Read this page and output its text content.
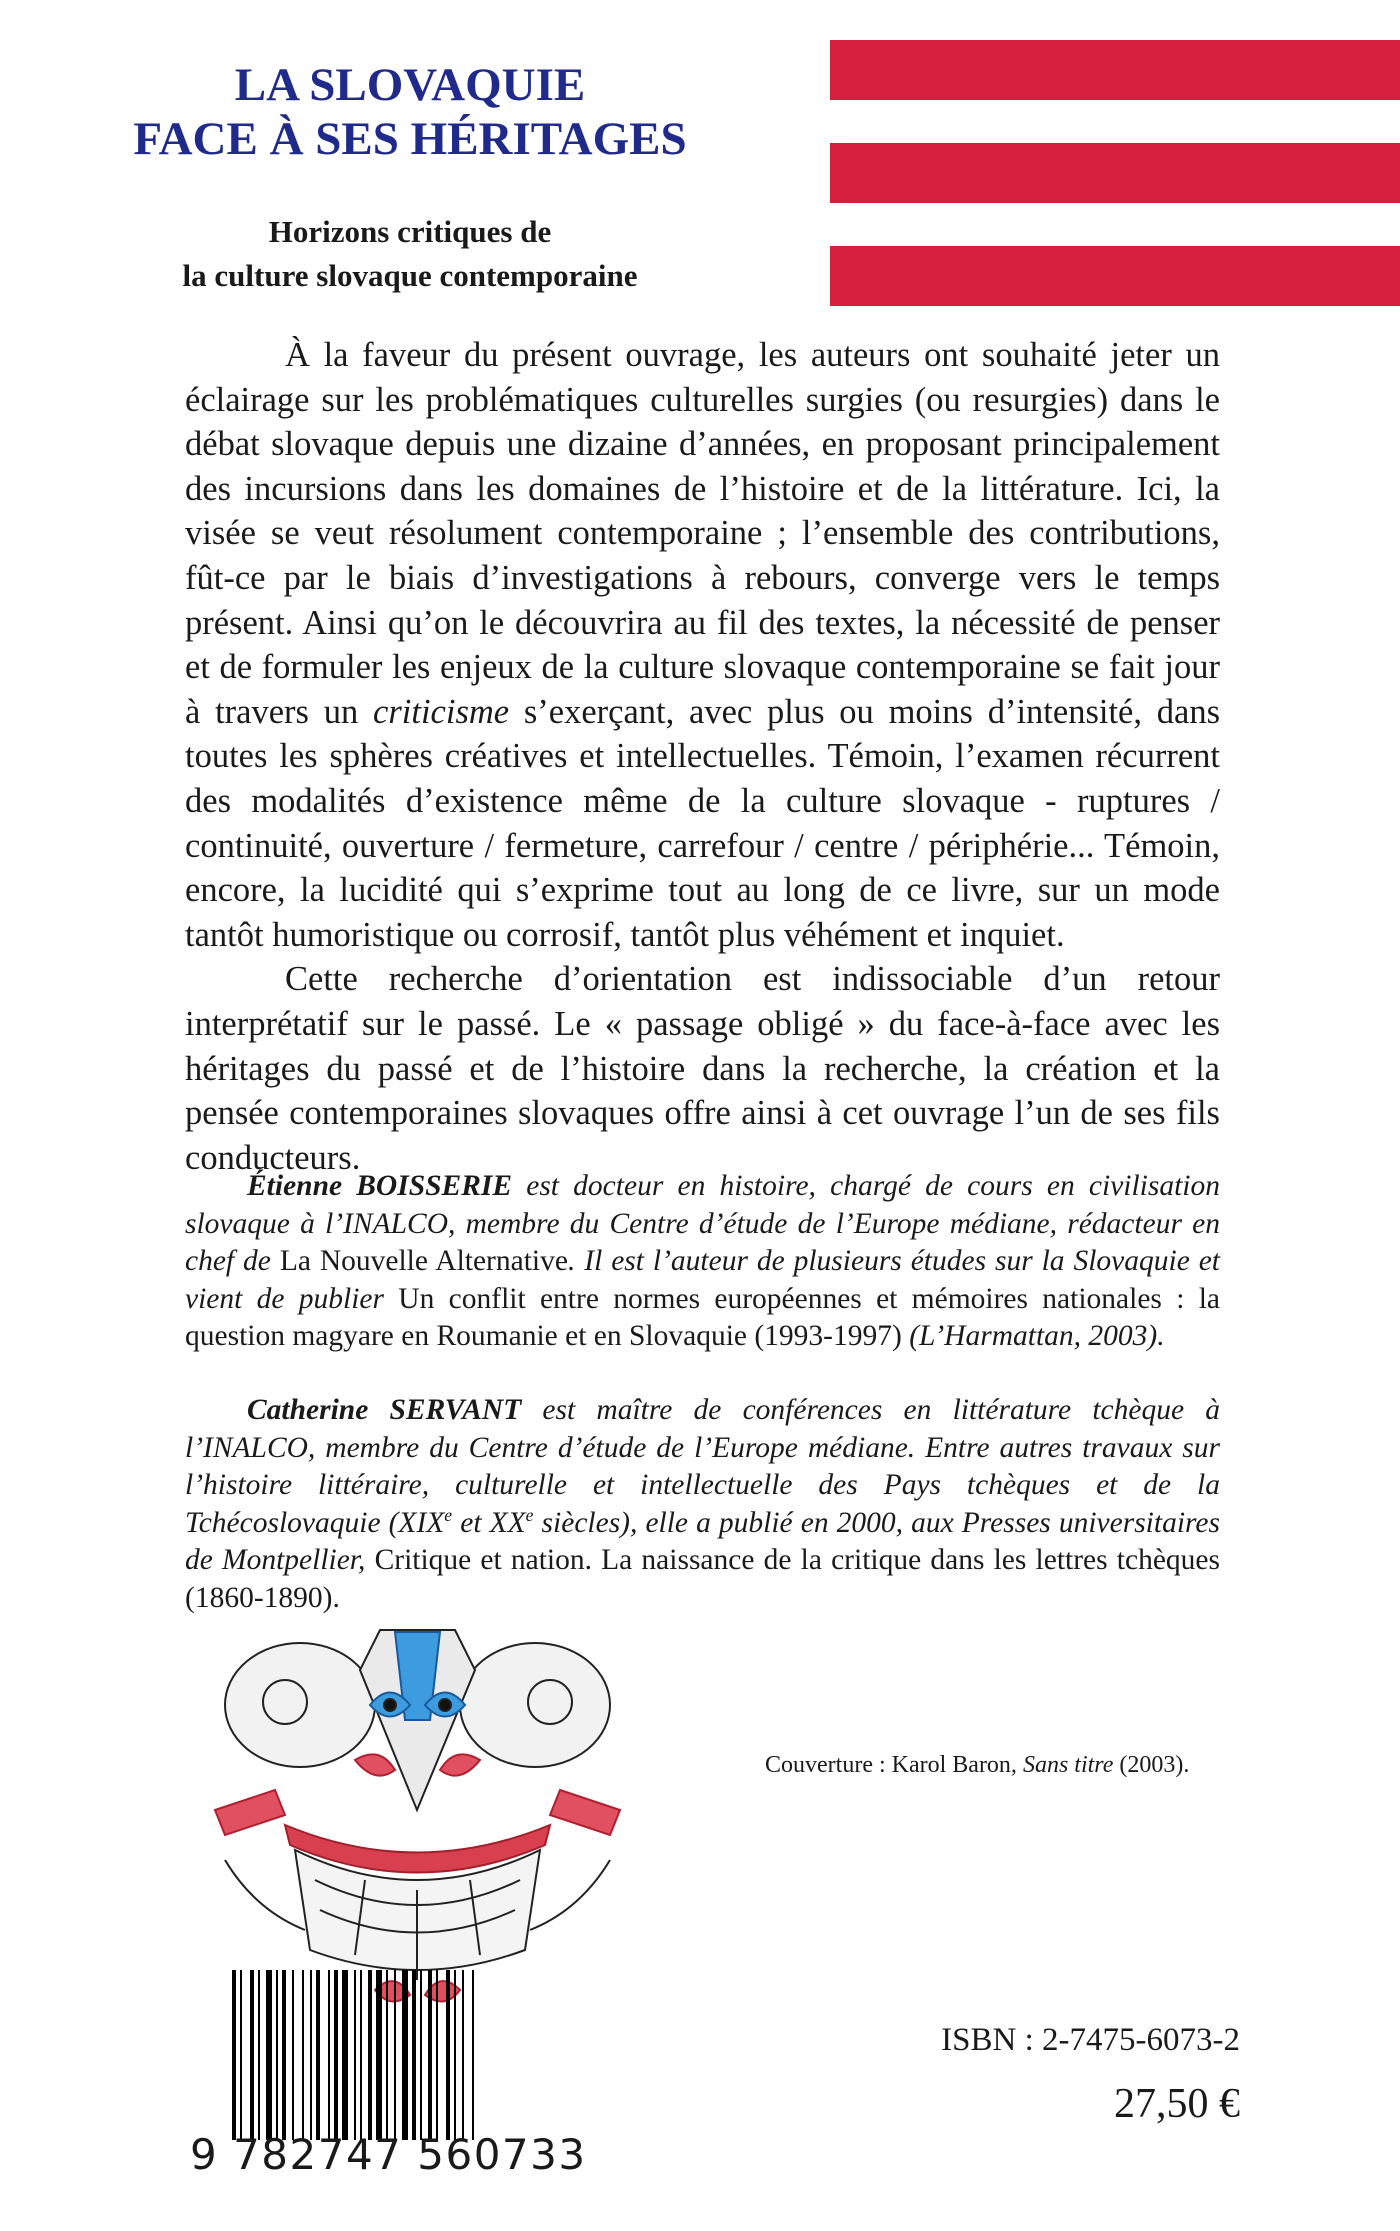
LA SLOVAQUIE
FACE À SES HÉRITAGES
Horizons critiques de
la culture slovaque contemporaine

À la faveur du présent ouvrage, les auteurs ont souhaité jeter un éclairage sur les problématiques culturelles surgies (ou resurgies) dans le débat slovaque depuis une dizaine d’années, en proposant principalement des incursions dans les domaines de l’histoire et de la littérature. Ici, la visée se veut résolument contemporaine ; l’ensemble des contributions, fût-ce par le biais d’investigations à rebours, converge vers le temps présent. Ainsi qu’on le découvrira au fil des textes, la nécessité de penser et de formuler les enjeux de la culture slovaque contemporaine se fait jour à travers un criticisme s’exerçant, avec plus ou moins d’intensité, dans toutes les sphères créatives et intellectuelles. Témoin, l’examen récurrent des modalités d’existence même de la culture slovaque - ruptures / continuité, ouverture / fermeture, carrefour / centre / périphérie... Témoin, encore, la lucidité qui s’exprime tout au long de ce livre, sur un mode tantôt humoristique ou corrosif, tantôt plus véhément et inquiet.

Cette recherche d’orientation est indissociable d’un retour interprétatif sur le passé. Le « passage obligé » du face-à-face avec les héritages du passé et de l’histoire dans la recherche, la création et la pensée contemporaines slovaques offre ainsi à cet ouvrage l’un de ses fils conducteurs.

Étienne BOISSERIE est docteur en histoire, chargé de cours en civilisation slovaque à l’INALCO, membre du Centre d’étude de l’Europe médiane, rédacteur en chef de La Nouvelle Alternative. Il est l’auteur de plusieurs études sur la Slovaquie et vient de publier Un conflit entre normes européennes et mémoires nationales : la question magyare en Roumanie et en Slovaquie (1993-1997) (L’Harmattan, 2003).

Catherine SERVANT est maître de conférences en littérature tchèque à l’INALCO, membre du Centre d’étude de l’Europe médiane. Entre autres travaux sur l’histoire littéraire, culturelle et intellectuelle des Pays tchèques et de la Tchécoslovaquie (XIXe et XXe siècles), elle a publié en 2000, aux Presses universitaires de Montpellier, Critique et nation. La naissance de la critique dans les lettres tchèques (1860-1890).

Couverture : Karol Baron, Sans titre (2003).
9 782747 560733
ISBN : 2-7475-6073-2
27,50 €
